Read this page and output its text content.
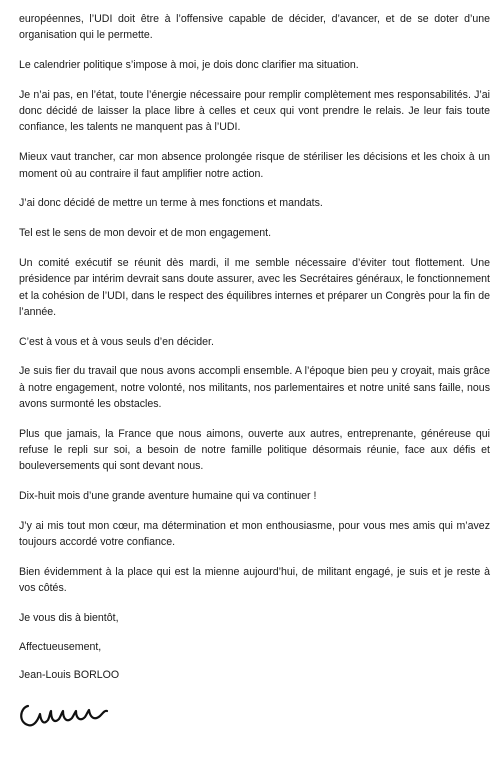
européennes, l’UDI doit être à l’offensive capable de décider, d’avancer, et de se doter d’une organisation qui le permette.

Le calendrier politique s’impose à moi, je dois donc clarifier ma situation.

Je n’ai pas, en l’état, toute l’énergie nécessaire pour remplir complètement mes responsabilités. J’ai donc décidé de laisser la place libre à celles et ceux qui vont prendre le relais. Je leur fais toute confiance, les talents ne manquent pas à l’UDI.

Mieux vaut trancher, car mon absence prolongée risque de stériliser les décisions et les choix à un moment où au contraire il faut amplifier notre action.

J’ai donc décidé de mettre un terme à mes fonctions et mandats.

Tel est le sens de mon devoir et de mon engagement.

Un comité exécutif se réunit dès mardi, il me semble nécessaire d’éviter tout flottement. Une présidence par intérim devrait sans doute assurer, avec les Secrétaires généraux, le fonctionnement et la cohésion de l’UDI, dans le respect des équilibres internes et préparer un Congrès pour la fin de l’année.

C’est à vous et à vous seuls d’en décider.

Je suis fier du travail que nous avons accompli ensemble. A l’époque bien peu y croyait, mais grâce à notre engagement, notre volonté, nos militants, nos parlementaires et notre unité sans faille, nous avons surmonté les obstacles.

Plus que jamais, la France que nous aimons, ouverte aux autres, entreprenante, généreuse qui refuse le repli sur soi, a besoin de notre famille politique désormais réunie, face aux défis et bouleversements qui sont devant nous.

Dix-huit mois d’une grande aventure humaine qui va continuer !

J’y ai mis tout mon cœur, ma détermination et mon enthousiasme, pour vous mes amis qui m’avez toujours accordé votre confiance.

Bien évidemment à la place qui est la mienne aujourd’hui, de militant engagé, je suis et je reste à vos côtés.

Je vous dis à bientôt,

Affectueusement,

Jean-Louis BORLOO
